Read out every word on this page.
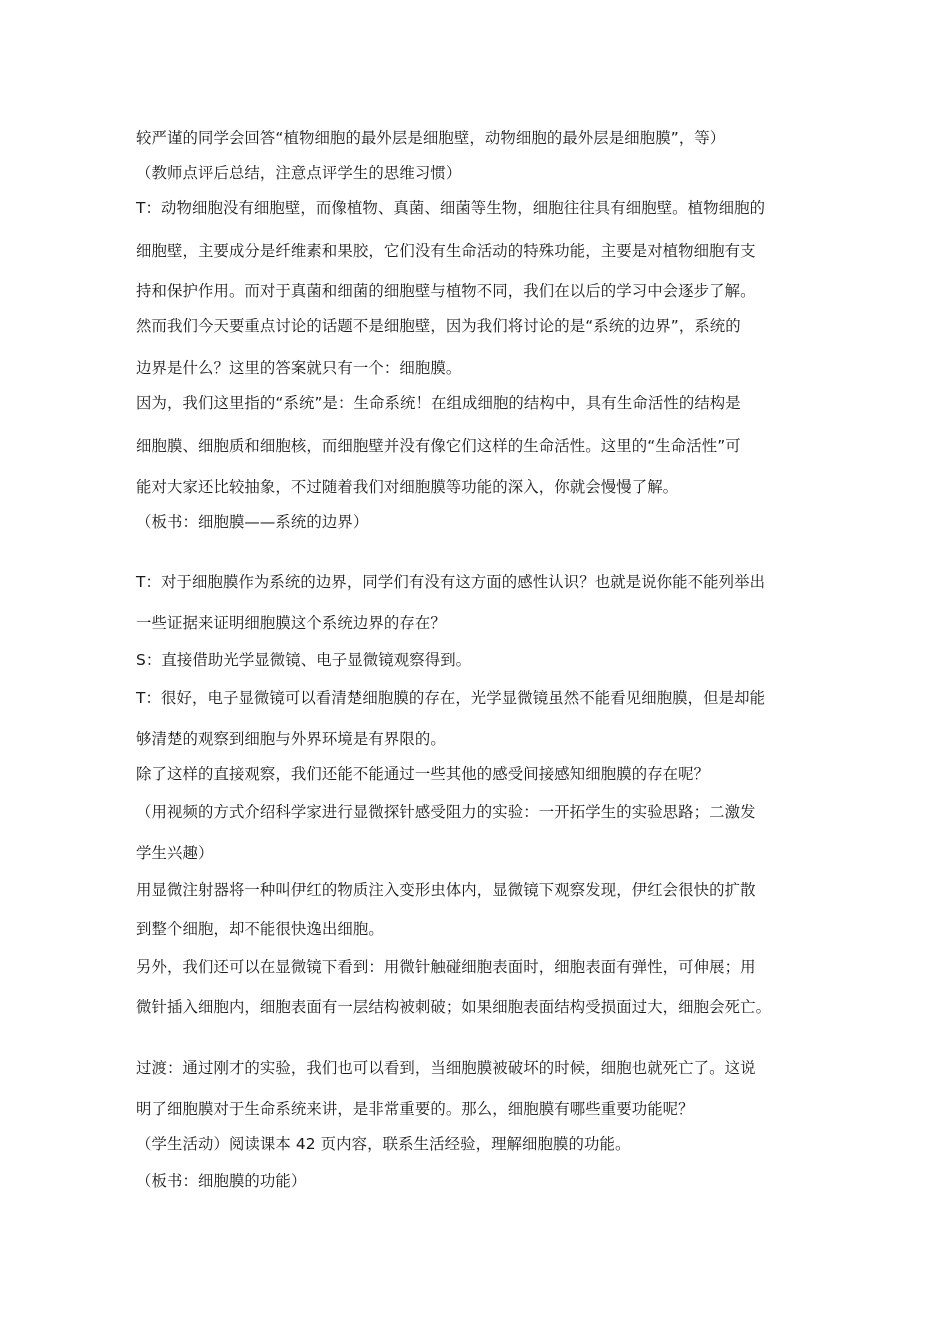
较严谨的同学会回答“植物细胞的最外层是细胞壁，动物细胞的最外层是细胞膜”，等）

（教师点评后总结，注意点评学生的思维习惯）

T：动物细胞没有细胞壁，而像植物、真菌、细菌等生物，细胞往往具有细胞壁。植物细胞的

细胞壁，主要成分是纤维素和果胶，它们没有生命活动的特殊功能，主要是对植物细胞有支

持和保护作用。而对于真菌和细菌的细胞壁与植物不同，我们在以后的学习中会逐步了解。

然而我们今天要重点讨论的话题不是细胞壁，因为我们将讨论的是“系统的边界”，系统的

边界是什么？这里的答案就只有一个：细胞膜。

因为，我们这里指的“系统”是：生命系统！在组成细胞的结构中，具有生命活性的结构是

细胞膜、细胞质和细胞核，而细胞壁并没有像它们这样的生命活性。这里的“生命活性”可

能对大家还比较抽象，不过随着我们对细胞膜等功能的深入，你就会慢慢了解。

（板书：细胞膜——系统的边界）

T：对于细胞膜作为系统的边界，同学们有没有这方面的感性认识？也就是说你能不能列举出

一些证据来证明细胞膜这个系统边界的存在？

S：直接借助光学显微镜、电子显微镜观察得到。

T：很好，电子显微镜可以看清楚细胞膜的存在，光学显微镜虽然不能看见细胞膜，但是却能

够清楚的观察到细胞与外界环境是有界限的。

除了这样的直接观察，我们还能不能通过一些其他的感受间接感知细胞膜的存在呢？

（用视频的方式介绍科学家进行显微探针感受阻力的实验：一开拓学生的实验思路；二激发

学生兴趣）

用显微注射器将一种叫伊红的物质注入变形虫体内，显微镜下观察发现，伊红会很快的扩散

到整个细胞，却不能很快逸出细胞。

另外，我们还可以在显微镜下看到：用微针触碰细胞表面时，细胞表面有弹性，可伸展；用

微针插入细胞内，细胞表面有一层结构被刺破；如果细胞表面结构受损面过大，细胞会死亡。

过渡：通过刚才的实验，我们也可以看到，当细胞膜被破坏的时候，细胞也就死亡了。这说

明了细胞膜对于生命系统来讲，是非常重要的。那么，细胞膜有哪些重要功能呢？

（学生活动）阅读课本 42 页内容，联系生活经验，理解细胞膜的功能。

（板书：细胞膜的功能）
